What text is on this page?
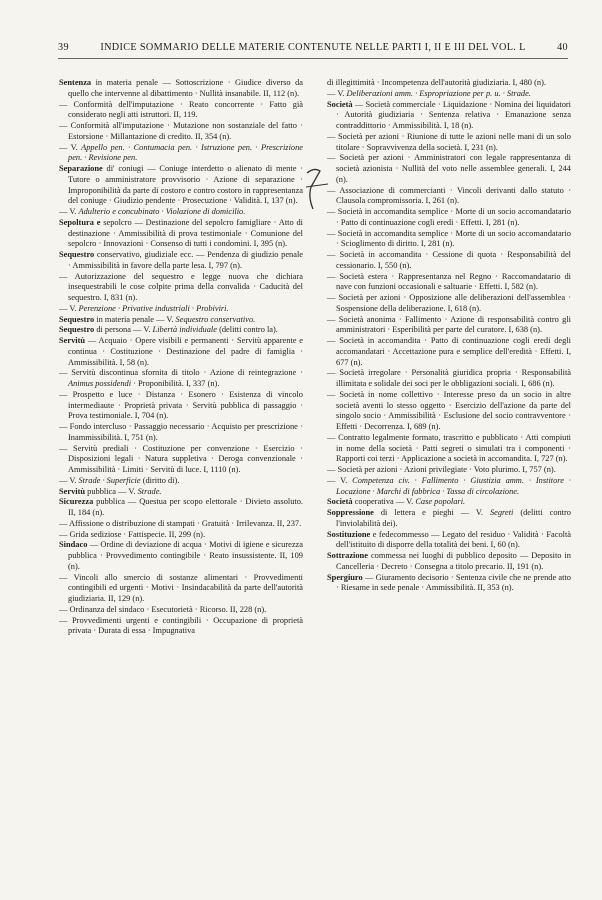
39	INDICE SOMMARIO DELLE MATERIE CONTENUTE NELLE PARTI I, II E III DEL VOL. L	40

Sentenza in materia penale — Sottoscrizione · Giudice diverso da quello che intervenne al dibattimento · Nullità insanabile. II, 112 (n).

— Conformità dell'imputazione · Reato concorrente · Fatto già considerato negli atti istruttori. II, 119.

— Conformità all'imputazione · Mutazione non sostanziale del fatto · Estorsione · Millantazione di credito. II, 354 (n).

— V. Appello pen. · Contumacia pen. · Istruzione pen. · Prescrizione pen. · Revisione pen.

Separazione di' coniugi — Coniuge interdetto o alienato di mente · Tutore o amministratore provvisorio · Azione di separazione · Improponibilità da parte di costoro e contro costoro in rappresentanza del coniuge · Giudizio pendente · Prosecuzione · Validità. I, 137 (n).

— V. Adulterio e concubinato · Violazione di domicilio.

Sepoltura e sepolcro — Destinazione del sepolcro famigliare · Atto di destinazione · Ammissibilità di prova testimoniale · Comunione del sepolcro · Innovazioni · Consenso di tutti i condomini. I, 395 (n).

Sequestro conservativo, giudiziale ecc. — Pendenza di giudizio penale · Ammissibilità in favore della parte lesa. I, 797 (n).

— Autorizzazione del sequestro e legge nuova che dichiara insequestrabili le cose colpite prima della convalida · Caducità del sequestro. I, 831 (n).

— V. Perenzione · Privative industriali · Probiviri.

Sequestro in materia penale — V. Sequestro conservativo.

Sequestro di persona — V. Libertà individuale (delitti contro la).

Servitù — Acquaio · Opere visibili e permanenti · Servitù apparente e continua · Costituzione · Destinazione del padre di famiglia · Ammissibilità. I, 58 (n).

— Servitù discontinua sfornita di titolo · Azione di reintegrazione · Animus possidendi · Proponibilità. I, 337 (n).

— Prospetto e luce · Distanza · Esonero · Esistenza di vincolo intermediaute · Proprietà privata · Servitù pubblica di passaggio · Prova testimoniale. I, 704 (n).

— Fondo intercluso · Passaggio necessario · Acquisto per prescrizione · Inammissibilità. I, 751 (n).

— Servitù prediali · Costituzione per convenzione · Esercizio · Disposizioni legali · Natura suppletiva · Deroga convenzionale · Ammissibilità · Limiti · Servitù di luce. I, 1110 (n).

— V. Strade · Superficie (diritto di).

Servitù pubblica — V. Strade.

Sicurezza pubblica — Questua per scopo elettorale · Divieto assoluto. II, 184 (n).

— Affissione o distribuzione di stampati · Gratuità · Irrilevanza. II, 237.

— Grida sediziose · Fattispecie. II, 299 (n).

Sindaco — Ordine di deviazione di acqua · Motivi di igiene e sicurezza pubblica · Provvedimento contingibile · Reato insussistente. II, 109 (n).

— Vincoli allo smercio di sostanze alimentari · Provvedimenti contingibili ed urgenti · Motivi · Insindacabilità da parte dell'autorità giudiziaria. II, 129 (n).

— Ordinanza del sindaco · Esecutorietà · Ricorso. II, 228 (n).

— Provvedimenti urgenti e contingibili · Occupazione di proprietà privata · Durata di essa · Impugnativa

di illegittimità · Incompetenza dell'autorità giudiziaria. I, 480 (n).

— V. Deliberazioni amm. · Espropriazione per p. u. · Strade.

Società — Società commerciale · Liquidazione · Nomina dei liquidatori · Autorità giudiziaria · Sentenza relativa · Emanazione senza contraddittorio · Ammissibilità. I, 18 (n).

— Società per azioni · Riunione di tutte le azioni nelle mani di un solo titolare · Sopravvivenza della società. I, 231 (n).

— Società per azioni · Amministratori con legale rappresentanza di società azionista · Nullità del voto nelle assemblee generali. I, 244 (n).

— Associazione di commercianti · Vincoli derivanti dallo statuto · Clausola compromissoria. I, 261 (n).

— Società in accomandita semplice · Morte di un socio accomandatario · Patto di continuazione cogli eredi · Effetti. I, 281 (n).

— Società in accomandita semplice · Morte di un socio accomandatario · Scioglimento di diritto. I, 281 (n).

— Società in accomandita · Cessione di quota · Responsabilità del cessionario. I, 550 (n).

— Società estera · Rappresentanza nel Regno · Raccomandatario di nave con funzioni occasionali e saltuarie · Effetti. I, 582 (n).

— Società per azioni · Opposizione alle deliberazioni dell'assemblea · Sospensione della deliberazione. I, 618 (n).

— Società anonima · Fallimento · Azione di responsabilità contro gli amministratori · Esperibilità per parte del curatore. I, 638 (n).

— Società in accomandita · Patto di continuazione cogli eredi degli accomandatari · Accettazione pura e semplice dell'eredità · Effetti. I, 677 (n).

— Società irregolare · Personalità giuridica propria · Responsabilità illimitata e solidale dei soci per le obbligazioni sociali. I, 686 (n).

— Società in nome collettivo · Interesse preso da un socio in altre società aventi lo stesso oggetto · Esercizio dell'azione da parte del singolo socio · Ammissibilità · Esclusione del socio contravventore · Effetti · Decorrenza. I, 689 (n).

— Contratto legalmente formato, trascritto e pubblicato · Atti compiuti in nome della società · Patti segreti o simulati tra i componenti · Rapporti coi terzi · Applicazione a società in accomandita. I, 727 (n).

— Società per azioni · Azioni privilegiate · Voto plurimo. I, 757 (n).

— V. Competenza civ. · Fallimento · Giustizia amm. · Institore · Locazione · Marchi di fabbrica · Tassa di circolazione.

Società cooperativa — V. Case popolari.

Soppressione di lettera e pieghi — V. Segreti (delitti contro l'inviolabilità dei).

Sostituzione e fedecommesso — Legato del residuo · Validità · Facoltà dell'istituito di disporre della totalità dei beni. I, 60 (n).

Sottrazione commessa nei luoghi di pubblico deposito — Deposito in Cancelleria · Decreto · Consegna a titolo precario. II, 191 (n).

Spergiuro — Giuramento decisorio · Sentenza civile che ne prende atto · Riesame in sede penale · Ammissibilità. II, 353 (n).
